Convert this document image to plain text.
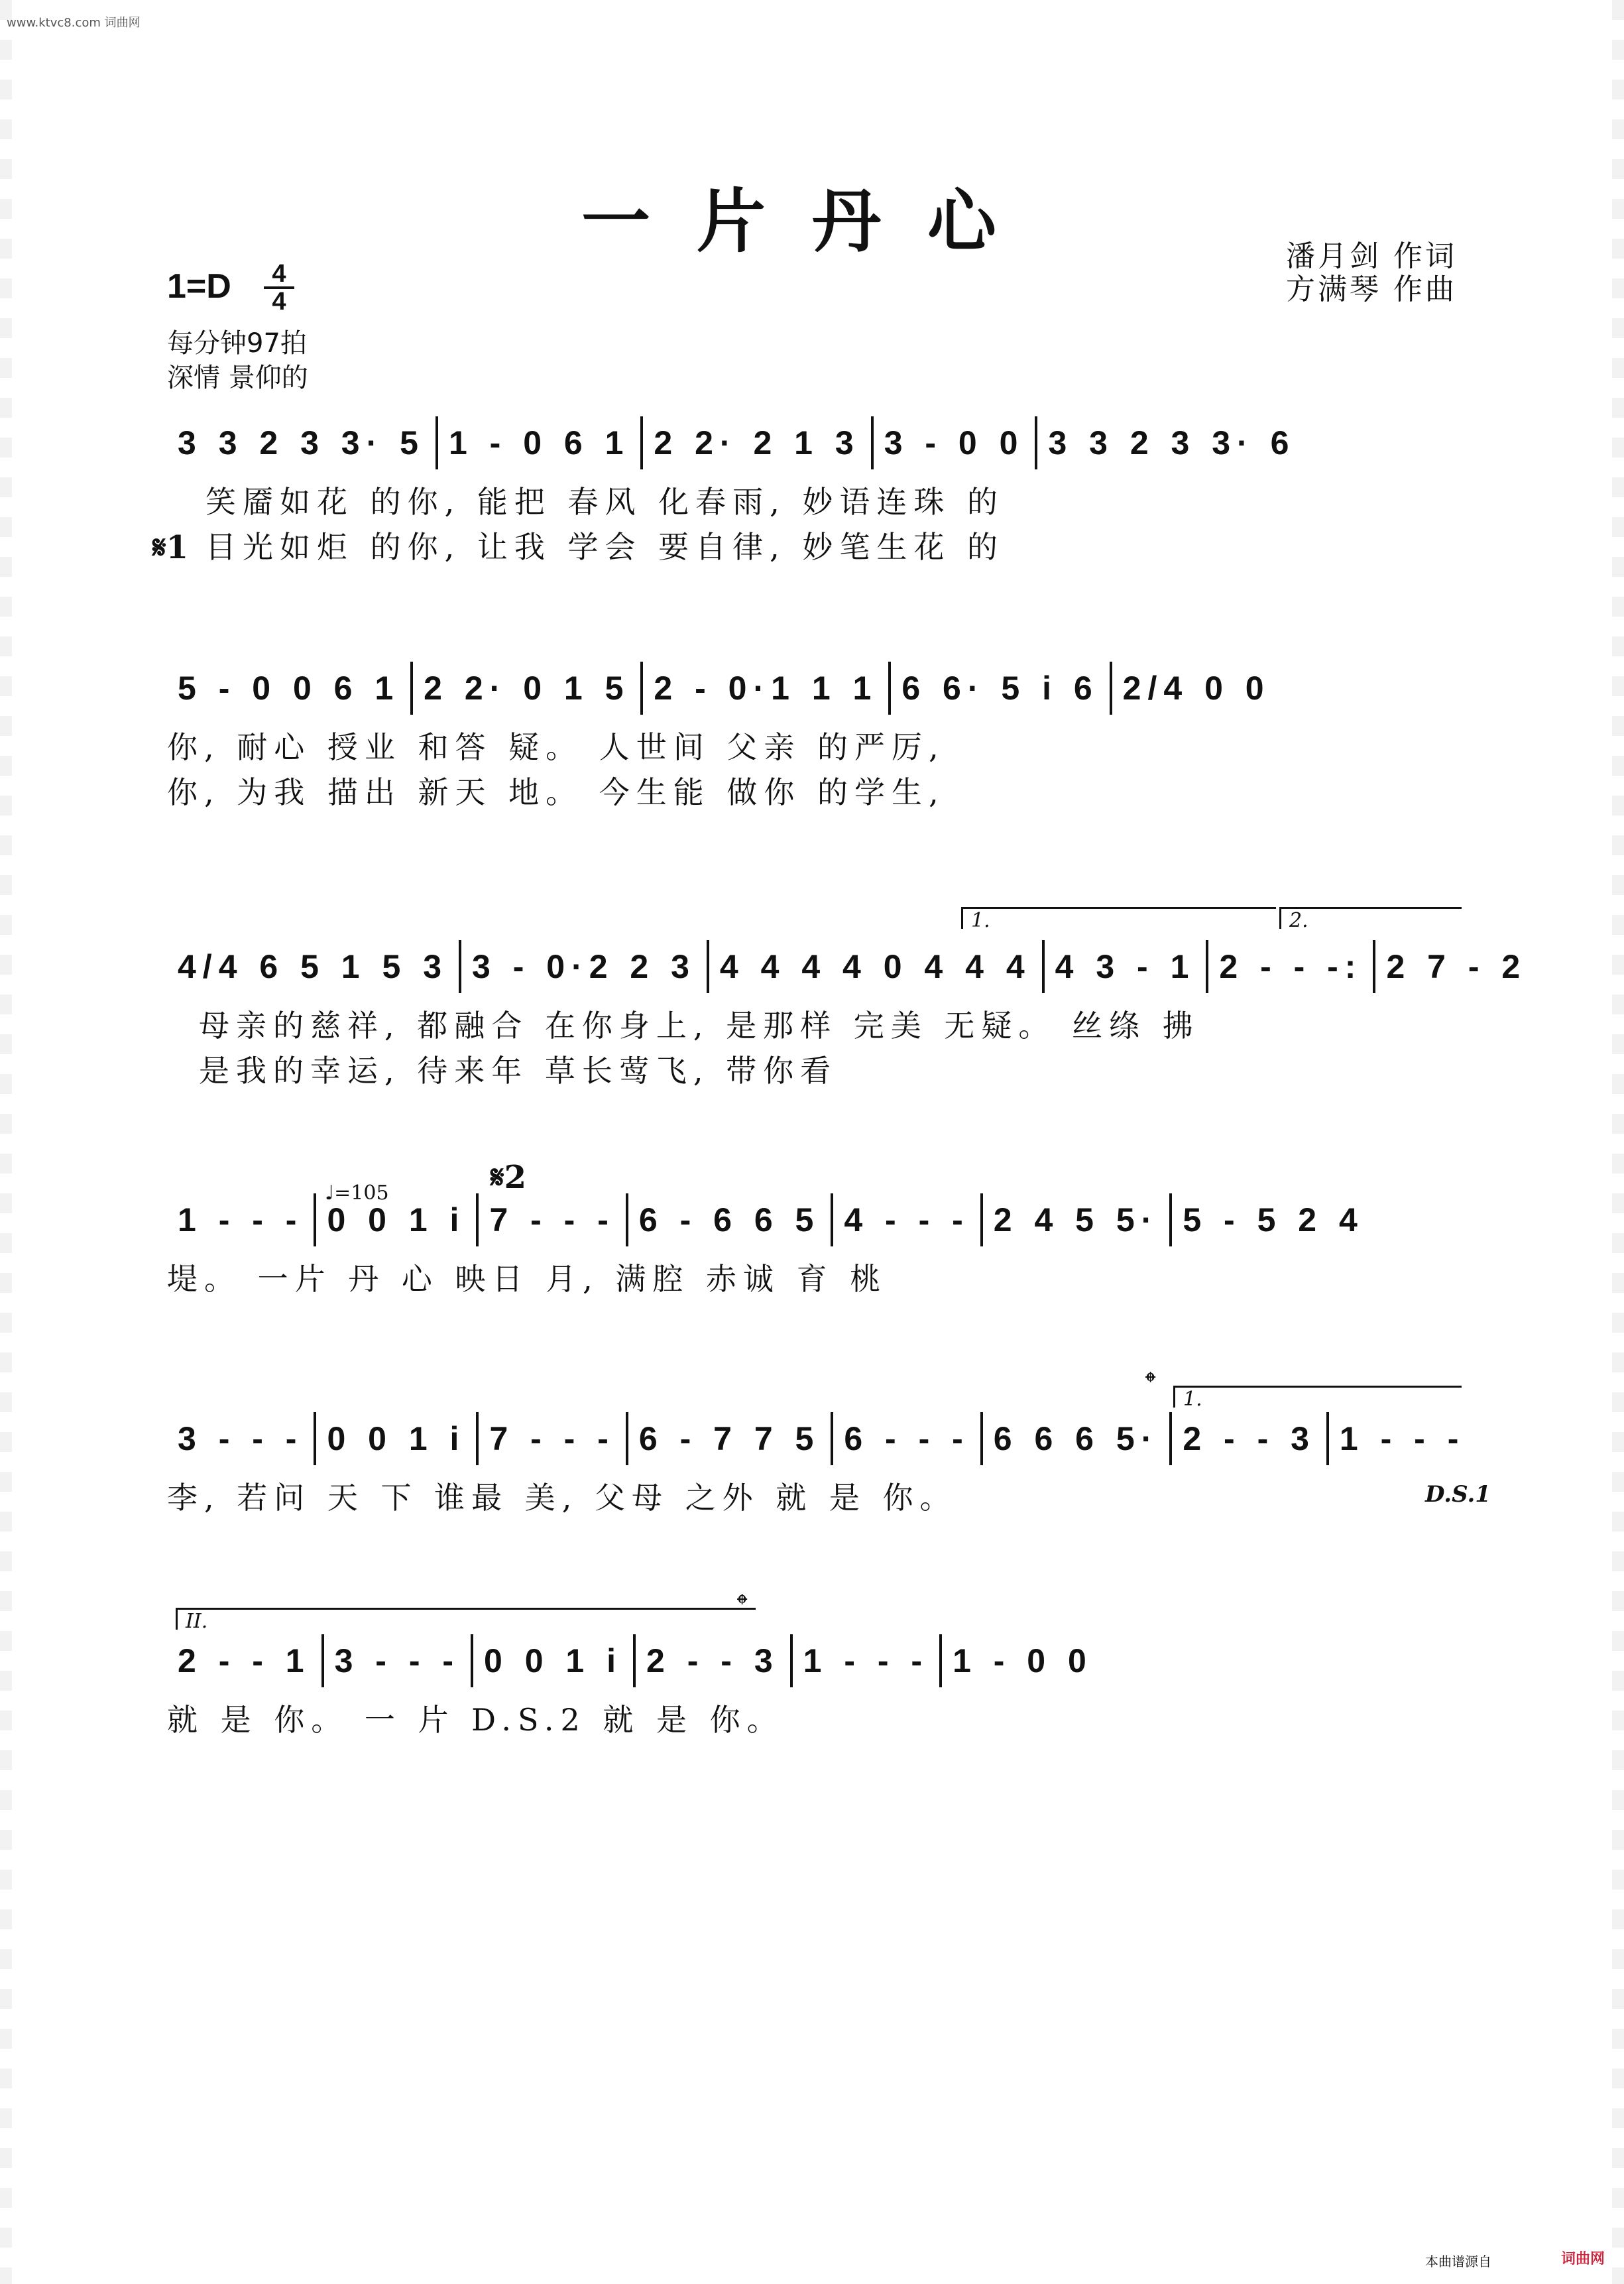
www.ktvc8.com 词曲网
一片丹心	潘月剑 作词
方满琴 作曲
$1=D \frac{4}{4}$
每分钟97拍
深情 景仰的
3 3 2 3 3· 5 1 - 0 6 1 2 2· 2 1 3 3 - 0 0 3 3 2 3 3· 6
𝄋1
笑靥如花 的你, 能把 春风 化春雨, 妙语连珠 的
目光如炬 的你, 让我 学会 要自律, 妙笔生花 的
5 - 0 0 6 1 2 2· 0 1 5 2 - 0·1 1 1 6 6· 5 i 6 2/4 0 0
你, 耐心 授业 和答 疑。 人世间 父亲 的严厉,
你, 为我 描出 新天 地。 今生能 做你 的学生,
1.	2.
4/4 6 5 1 5 3 3 - 0·2 2 3 4 4 4 4 0 4 4 4 4 3 - 1 2 - - -: 2 7 - 2
母亲的慈祥, 都融合 在你身上, 是那样 完美 无疑。 丝绦 拂
是我的幸运, 待来年 草长莺飞, 带你看
♩=105	𝄋2
1 - - - 0 0 1 i 7 - - - 6 - 6 6 5 4 - - - 2 4 5 5· 5 - 5 2 4
堤。 一片 丹 心 映日 月, 满腔 赤诚 育 桃
𝄌	1.
3 - - - 0 0 1 i 7 - - - 6 - 7 7 5 6 - - - 6 6 6 5· 2 - - 3 1 - - -
李, 若问 天 下 谁最 美, 父母 之外 就 是 你。	D.S.1
II.	𝄌
2 - - 1 3 - - - 0 0 1 i 2 - - 3 1 - - - 1 - 0 0
就 是 你。 一 片 D.S.2 就 是 你。
本曲谱源自	词曲网
